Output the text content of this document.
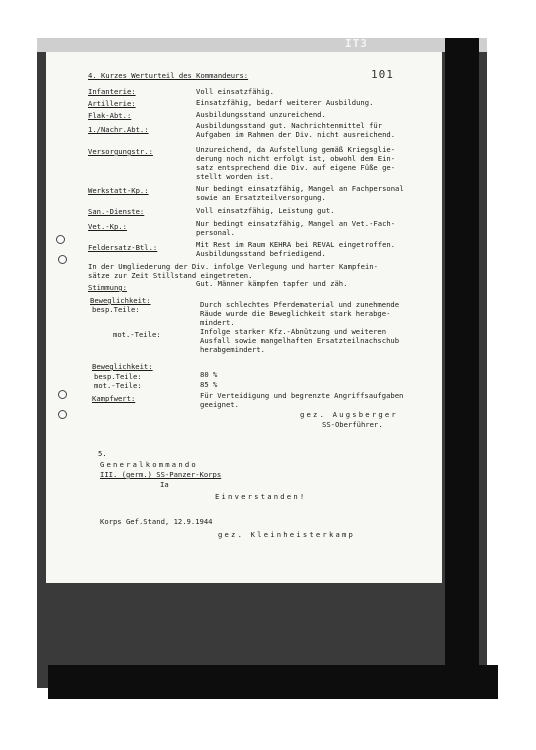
IT3
101
4. Kurzes Werturteil des Kommandeurs:
Infanterie:	Voll einsatzfähig.
Artillerie:	Einsatzfähig, bedarf weiterer Ausbildung.
Flak-Abt.:	Ausbildungsstand unzureichend.
1./Nachr.Abt.:	Ausbildungsstand gut. Nachrichtenmittel für
Aufgaben im Rahmen der Div. nicht ausreichend.
Versorgungstr.:	Unzureichend, da Aufstellung gemäß Kriegsglie-
derung noch nicht erfolgt ist, obwohl dem Ein-
satz entsprechend die Div. auf eigene Füße ge-
stellt worden ist.
Werkstatt-Kp.:	Nur bedingt einsatzfähig, Mangel an Fachpersonal
sowie an Ersatzteilversorgung.
San.-Dienste:	Voll einsatzfähig, Leistung gut.
Vet.-Kp.:	Nur bedingt einsatzfähig, Mangel an Vet.-Fach-
personal.
Feldersatz-Btl.:	Mit Rest im Raum KEHRA bei REVAL eingetroffen.
Ausbildungsstand befriedigend.
In der Umgliederung der Div. infolge Verlegung und harter Kampfein-
sätze zur Zeit Stillstand eingetreten.
Stimmung:	Gut. Männer kämpfen tapfer und zäh.
Beweglichkeit:
besp.Teile:
Durch schlechtes Pferdematerial und zunehmende
Räude wurde die Beweglichkeit stark herabge-
mindert.
mot.-Teile:	Infolge starker Kfz.-Abnützung und weiteren
Ausfall sowie mangelhaften Ersatzteilnachschub
herabgemindert.
Beweglichkeit:
besp.Teile:	80 %
mot.-Teile:	85 %
Kampfwert:	Für Verteidigung und begrenzte Angriffsaufgaben
geeignet.
gez. Augsberger
SS-Oberführer.
5.
Generalkommando
III. (germ.) SS-Panzer-Korps
Ia
Einverstanden!
Korps Gef.Stand, 12.9.1944
gez. Kleinheisterkamp
